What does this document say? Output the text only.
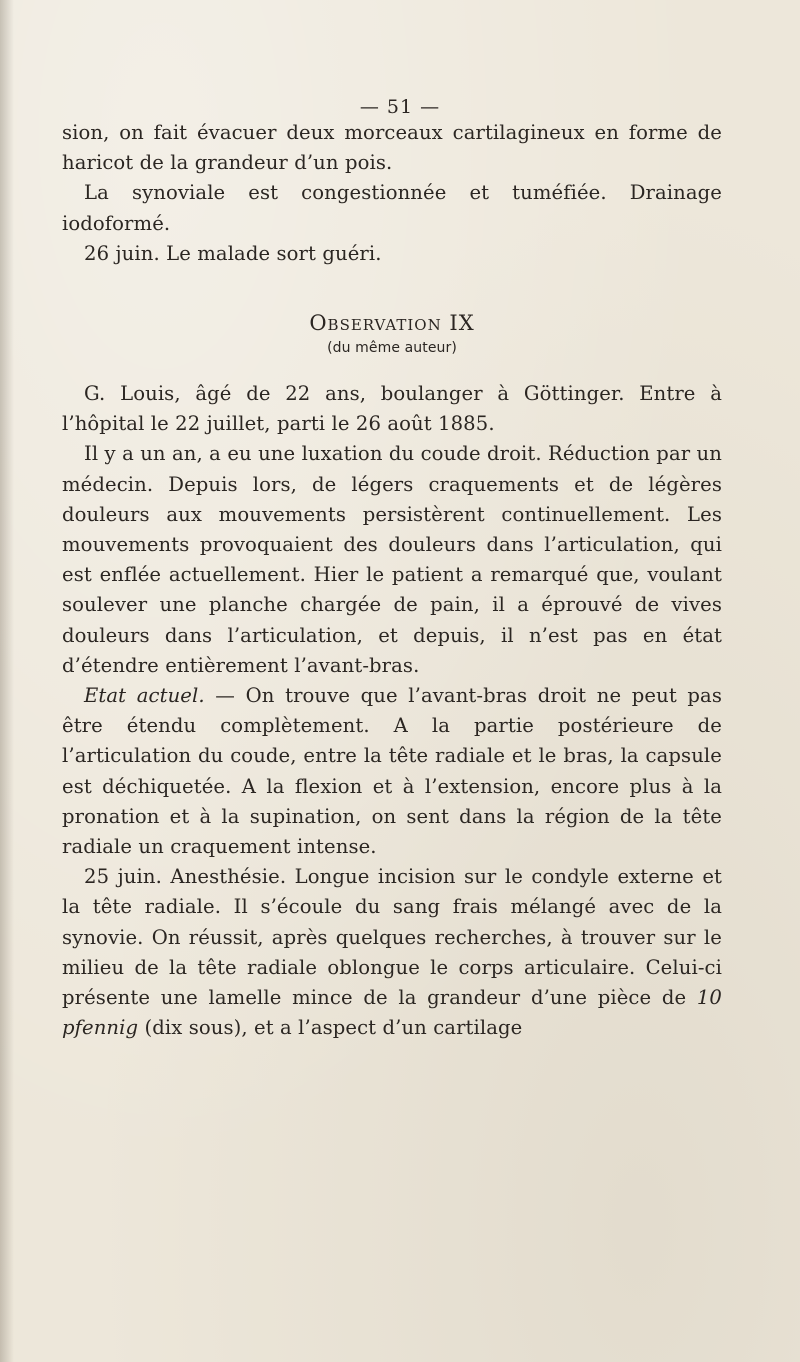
— 51 —

sion, on fait évacuer deux morceaux cartilagineux en forme de haricot de la grandeur d’un pois.

La synoviale est congestionnée et tuméfiée. Drainage iodoformé.

26 juin. Le malade sort guéri.

Observation IX
(du même auteur)

G. Louis, âgé de 22 ans, boulanger à Göttinger. Entre à l’hôpital le 22 juillet, parti le 26 août 1885.

Il y a un an, a eu une luxation du coude droit. Réduction par un médecin. Depuis lors, de légers craquements et de légères douleurs aux mouvements persistèrent continuellement. Les mouvements provoquaient des douleurs dans l’articulation, qui est enflée actuellement. Hier le patient a remarqué que, voulant soulever une planche chargée de pain, il a éprouvé de vives douleurs dans l’articulation, et depuis, il n’est pas en état d’étendre entièrement l’avant-bras.

Etat actuel. — On trouve que l’avant-bras droit ne peut pas être étendu complètement. A la partie postérieure de l’articulation du coude, entre la tête radiale et le bras, la capsule est déchiquetée. A la flexion et à l’extension, encore plus à la pronation et à la supination, on sent dans la région de la tête radiale un craquement intense.

25 juin. Anesthésie. Longue incision sur le condyle externe et la tête radiale. Il s’écoule du sang frais mélangé avec de la synovie. On réussit, après quelques recherches, à trouver sur le milieu de la tête radiale oblongue le corps articulaire. Celui-ci présente une lamelle mince de la grandeur d’une pièce de 10 pfennig (dix sous), et a l’aspect d’un cartilage
